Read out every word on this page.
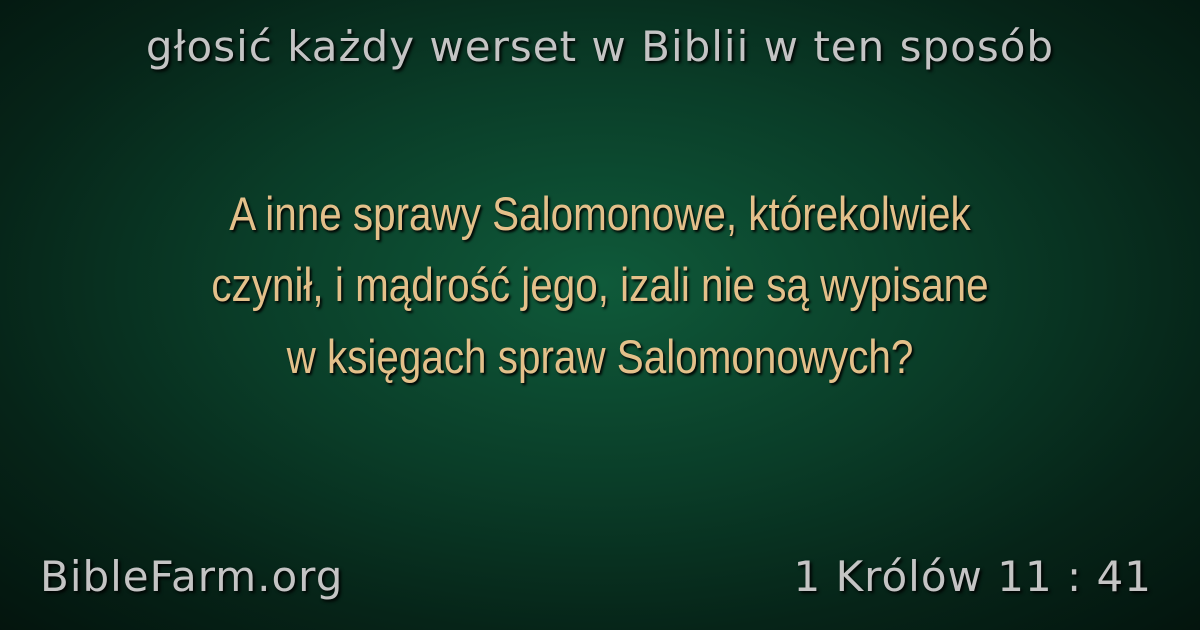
głosić każdy werset w Biblii w ten sposób
A inne sprawy Salomonowe, którekolwiek
czynił, i mądrość jego, izali nie są wypisane
w księgach spraw Salomonowych?
BibleFarm.org	1 Królów 11 : 41
